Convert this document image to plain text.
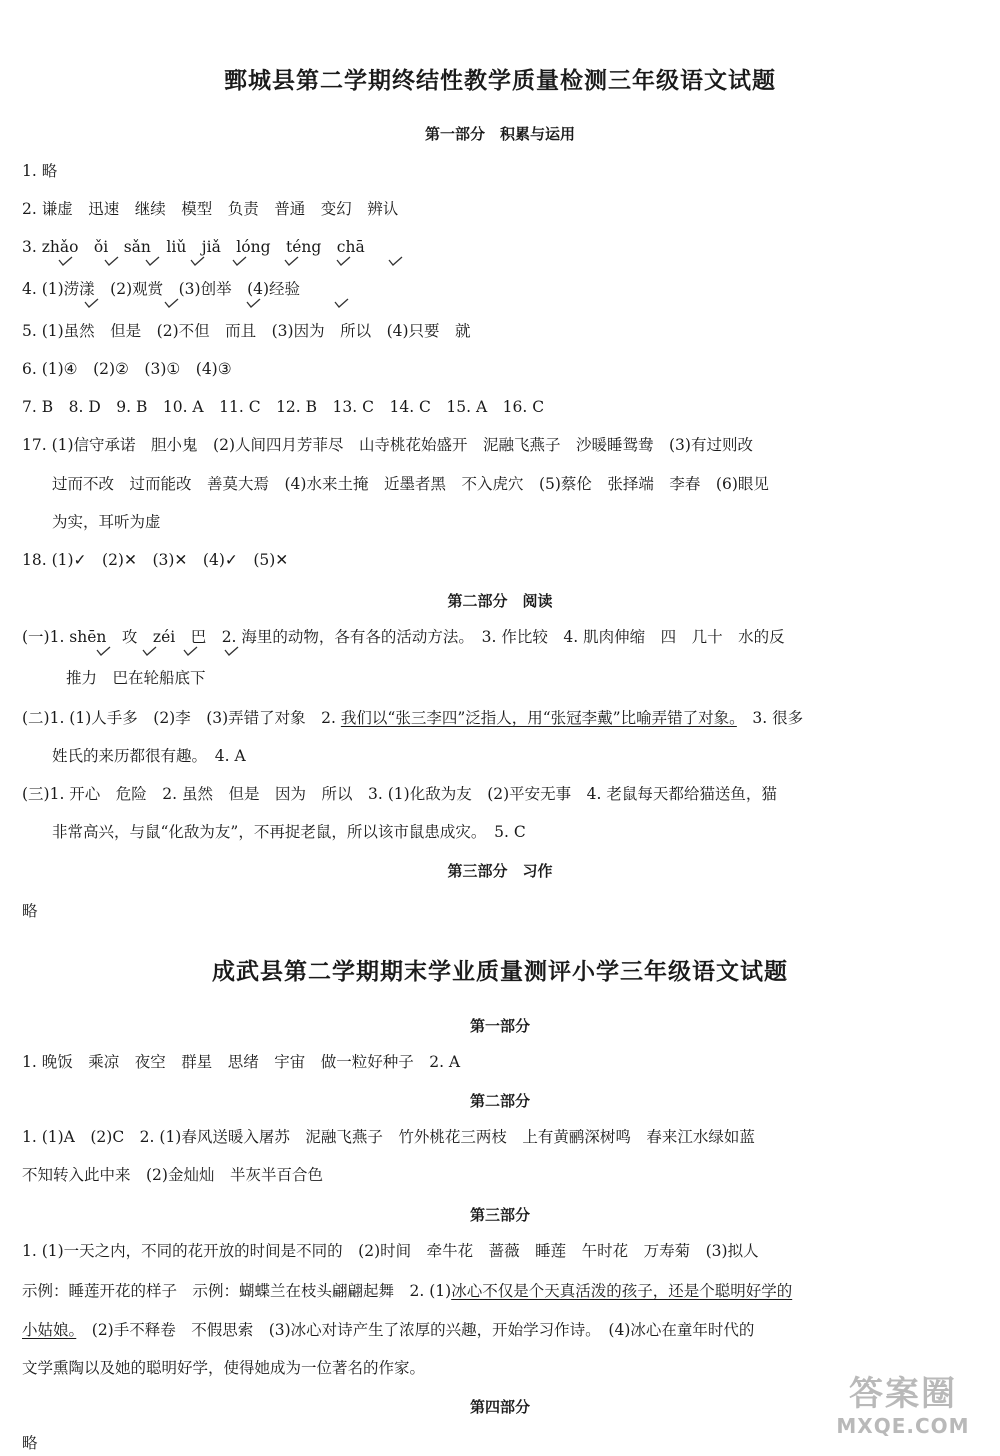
鄄城县第二学期终结性教学质量检测三年级语文试题
第一部分　积累与运用
1. 略
2. 谦虚　迅速　继续　模型　负责　普通　变幻　辨认
3. zhǎo　ǒi　sǎn　liǔ　jiǎ　lóng　téng　chā
4. (1)涝漾　(2)观赏　(3)创举　(4)经验
5. (1)虽然　但是　(2)不但　而且　(3)因为　所以　(4)只要　就
6. (1)④　(2)②　(3)①　(4)③
7. B　8. D　9. B　10. A　11. C　12. B　13. C　14. C　15. A　16. C
17. (1)信守承诺　胆小鬼　(2)人间四月芳菲尽　山寺桃花始盛开　泥融飞燕子　沙暖睡鸳鸯　(3)有过则改
过而不改　过而能改　善莫大焉　(4)水来土掩　近墨者黑　不入虎穴　(5)蔡伦　张择端　李春　(6)眼见
为实，耳听为虚
18. (1)✓　(2)✕　(3)✕　(4)✓　(5)✕
第二部分　阅读
(一)1. shēn　攻　zéi　巴　2. 海里的动物，各有各的活动方法。　3. 作比较　4. 肌肉伸缩　四　几十　水的反
推力　巴在轮船底下
(二)1. (1)人手多　(2)李　(3)弄错了对象　2. 我们以“张三李四”泛指人，用“张冠李戴”比喻弄错了对象。　3. 很多
姓氏的来历都很有趣。　4. A
(三)1. 开心　危险　2. 虽然　但是　因为　所以　3. (1)化敌为友　(2)平安无事　4. 老鼠每天都给猫送鱼，猫
非常高兴，与鼠“化敌为友”，不再捉老鼠，所以该市鼠患成灾。　5. C
第三部分　习作
略
成武县第二学期期末学业质量测评小学三年级语文试题
第一部分
1. 晚饭　乘凉　夜空　群星　思绪　宇宙　做一粒好种子　2. A
第二部分
1. (1)A　(2)C　2. (1)春风送暖入屠苏　泥融飞燕子　竹外桃花三两枝　上有黄鹂深树鸣　春来江水绿如蓝
不知转入此中来　(2)金灿灿　半灰半百合色
第三部分
1. (1)一天之内，不同的花开放的时间是不同的　(2)时间　牵牛花　蔷薇　睡莲　午时花　万寿菊　(3)拟人
示例：睡莲开花的样子　示例：蝴蝶兰在枝头翩翩起舞　2. (1)冰心不仅是个天真活泼的孩子，还是个聪明好学的
小姑娘。　(2)手不释卷　不假思索　(3)冰心对诗产生了浓厚的兴趣，开始学习作诗。　(4)冰心在童年时代的
文学熏陶以及她的聪明好学，使得她成为一位著名的作家。
第四部分
略
答案圈
MXQE.COM
